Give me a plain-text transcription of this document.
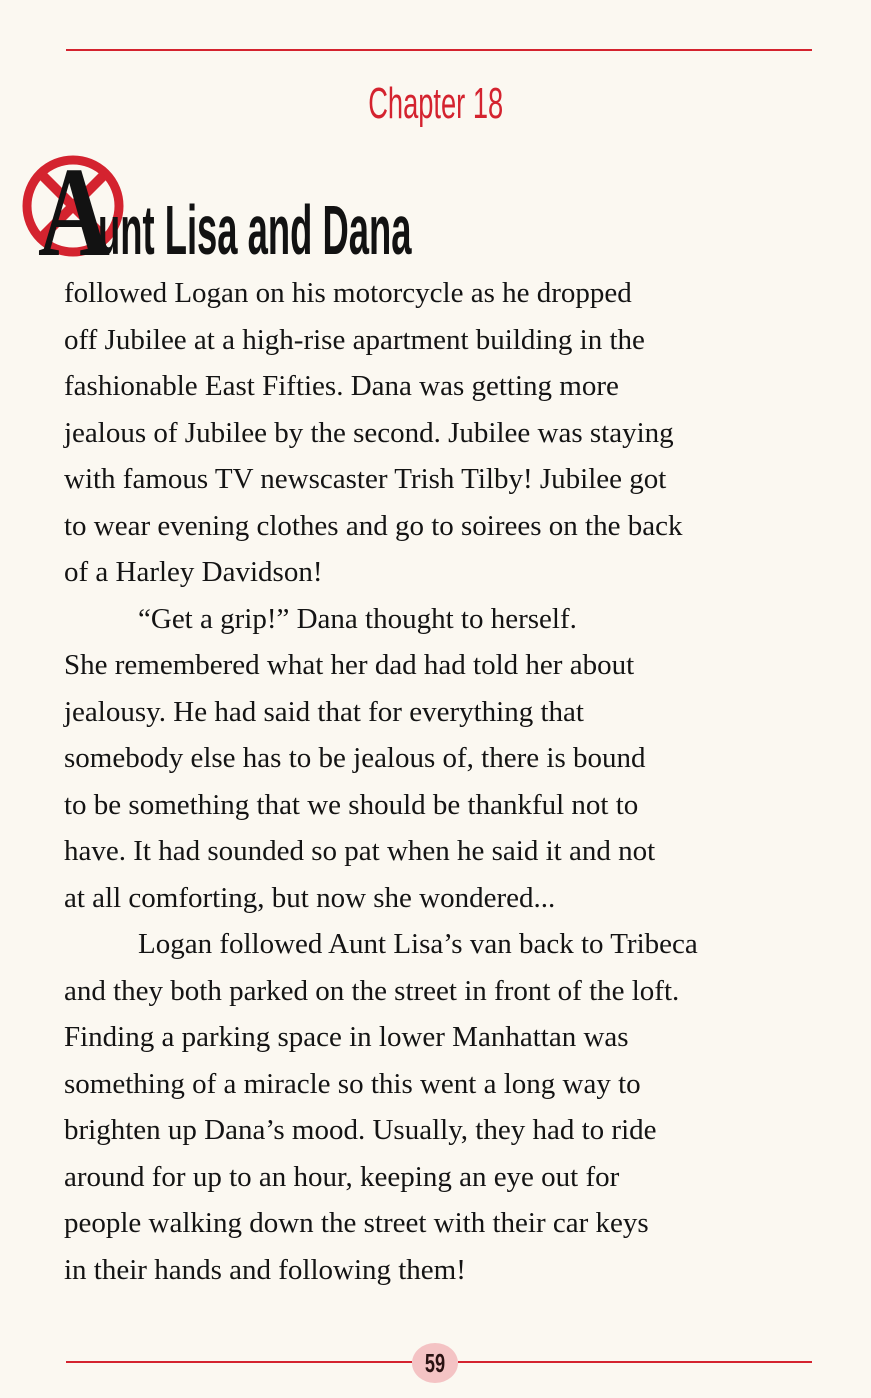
Chapter 18
A
unt Lisa and Dana
followed Logan on his motorcycle as he dropped
off Jubilee at a high-rise apartment building in the
fashionable East Fifties. Dana was getting more
jealous of Jubilee by the second. Jubilee was staying
with famous TV newscaster Trish Tilby! Jubilee got
to wear evening clothes and go to soirees on the back
of a Harley Davidson!
“Get a grip!” Dana thought to herself.
She remembered what her dad had told her about
jealousy. He had said that for everything that
somebody else has to be jealous of, there is bound
to be something that we should be thankful not to
have. It had sounded so pat when he said it and not
at all comforting, but now she wondered...
Logan followed Aunt Lisa’s van back to Tribeca
and they both parked on the street in front of the loft.
Finding a parking space in lower Manhattan was
something of a miracle so this went a long way to
brighten up Dana’s mood. Usually, they had to ride
around for up to an hour, keeping an eye out for
people walking down the street with their car keys
in their hands and following them!
59
